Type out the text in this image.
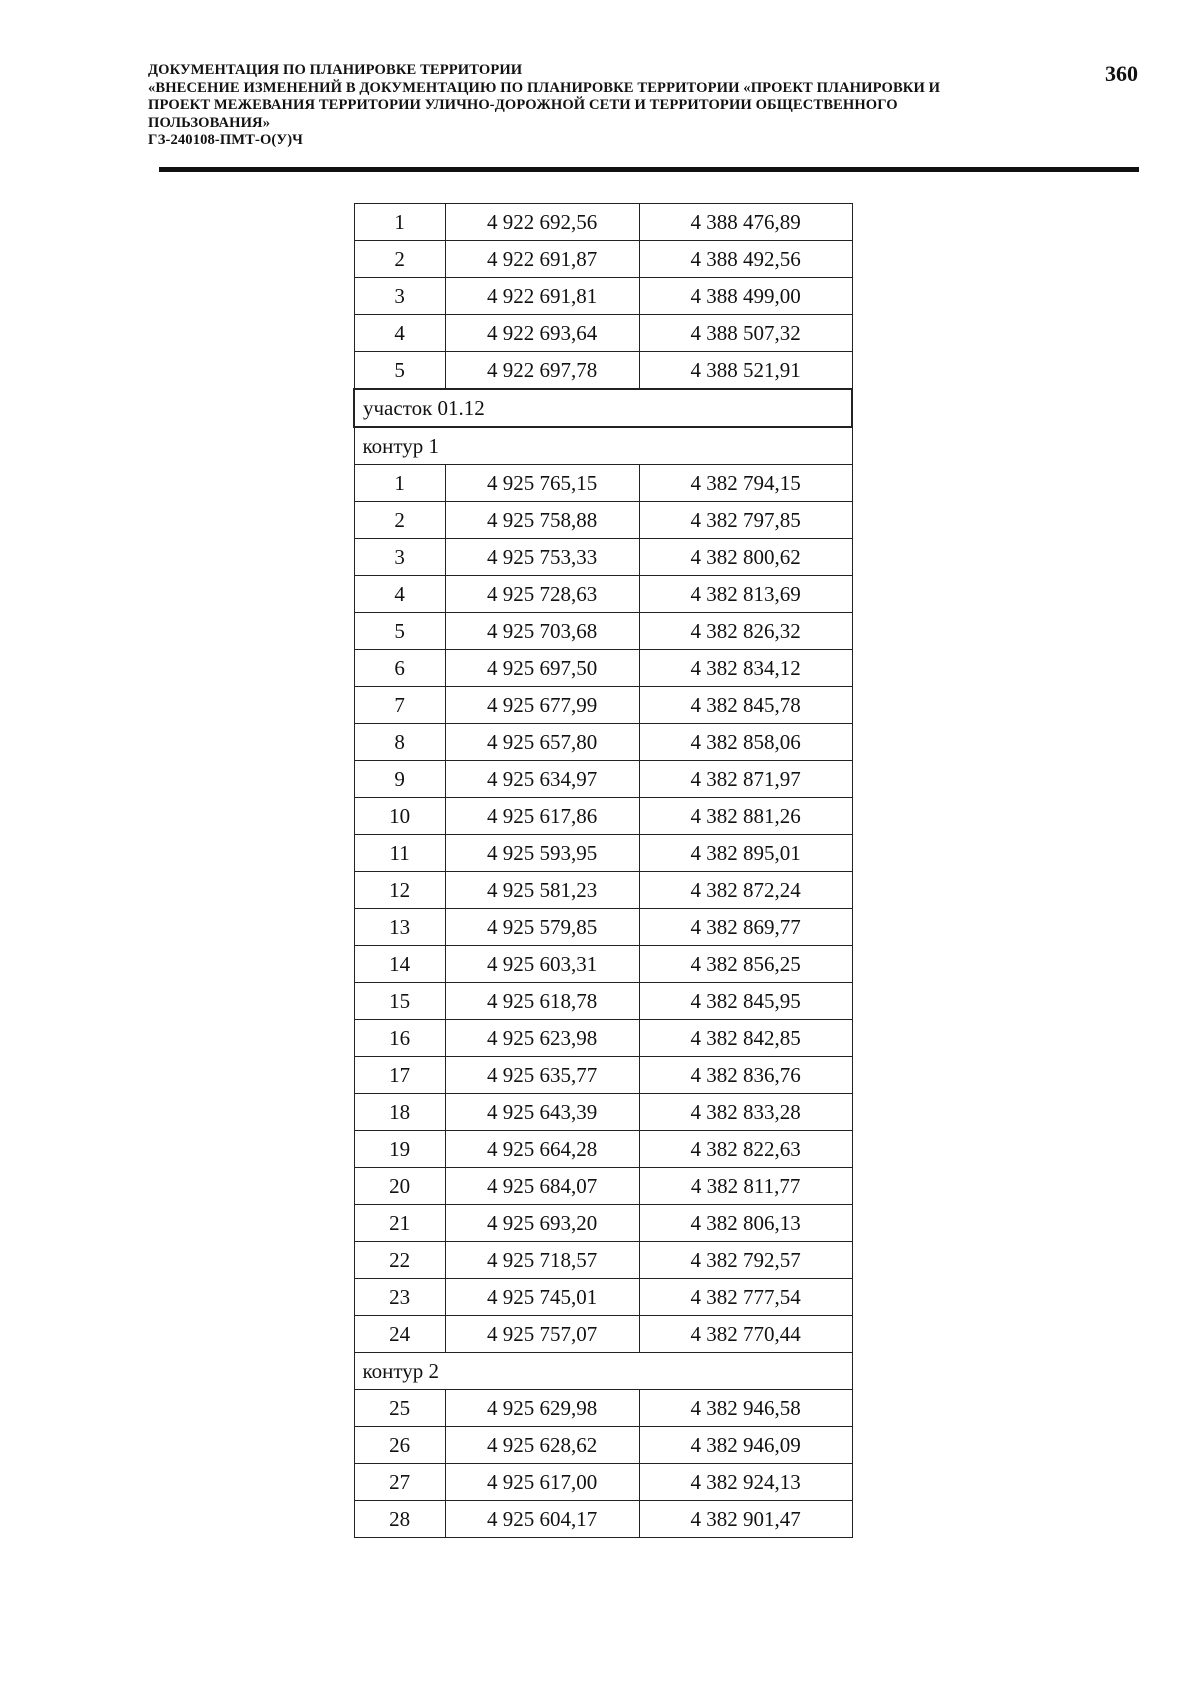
ДОКУМЕНТАЦИЯ ПО ПЛАНИРОВКЕ ТЕРРИТОРИИ
«ВНЕСЕНИЕ ИЗМЕНЕНИЙ В ДОКУМЕНТАЦИЮ ПО ПЛАНИРОВКЕ ТЕРРИТОРИИ «ПРОЕКТ ПЛАНИРОВКИ И
ПРОЕКТ МЕЖЕВАНИЯ ТЕРРИТОРИИ УЛИЧНО-ДОРОЖНОЙ СЕТИ И ТЕРРИТОРИИ ОБЩЕСТВЕННОГО
ПОЛЬЗОВАНИЯ»
ГЗ-240108-ПМТ-О(У)Ч
360
1	4 922 692,56	4 388 476,89
2	4 922 691,87	4 388 492,56
3	4 922 691,81	4 388 499,00
4	4 922 693,64	4 388 507,32
5	4 922 697,78	4 388 521,91
участок 01.12		
контур 1		
1	4 925 765,15	4 382 794,15
2	4 925 758,88	4 382 797,85
3	4 925 753,33	4 382 800,62
4	4 925 728,63	4 382 813,69
5	4 925 703,68	4 382 826,32
6	4 925 697,50	4 382 834,12
7	4 925 677,99	4 382 845,78
8	4 925 657,80	4 382 858,06
9	4 925 634,97	4 382 871,97
10	4 925 617,86	4 382 881,26
11	4 925 593,95	4 382 895,01
12	4 925 581,23	4 382 872,24
13	4 925 579,85	4 382 869,77
14	4 925 603,31	4 382 856,25
15	4 925 618,78	4 382 845,95
16	4 925 623,98	4 382 842,85
17	4 925 635,77	4 382 836,76
18	4 925 643,39	4 382 833,28
19	4 925 664,28	4 382 822,63
20	4 925 684,07	4 382 811,77
21	4 925 693,20	4 382 806,13
22	4 925 718,57	4 382 792,57
23	4 925 745,01	4 382 777,54
24	4 925 757,07	4 382 770,44
контур 2		
25	4 925 629,98	4 382 946,58
26	4 925 628,62	4 382 946,09
27	4 925 617,00	4 382 924,13
28	4 925 604,17	4 382 901,47
